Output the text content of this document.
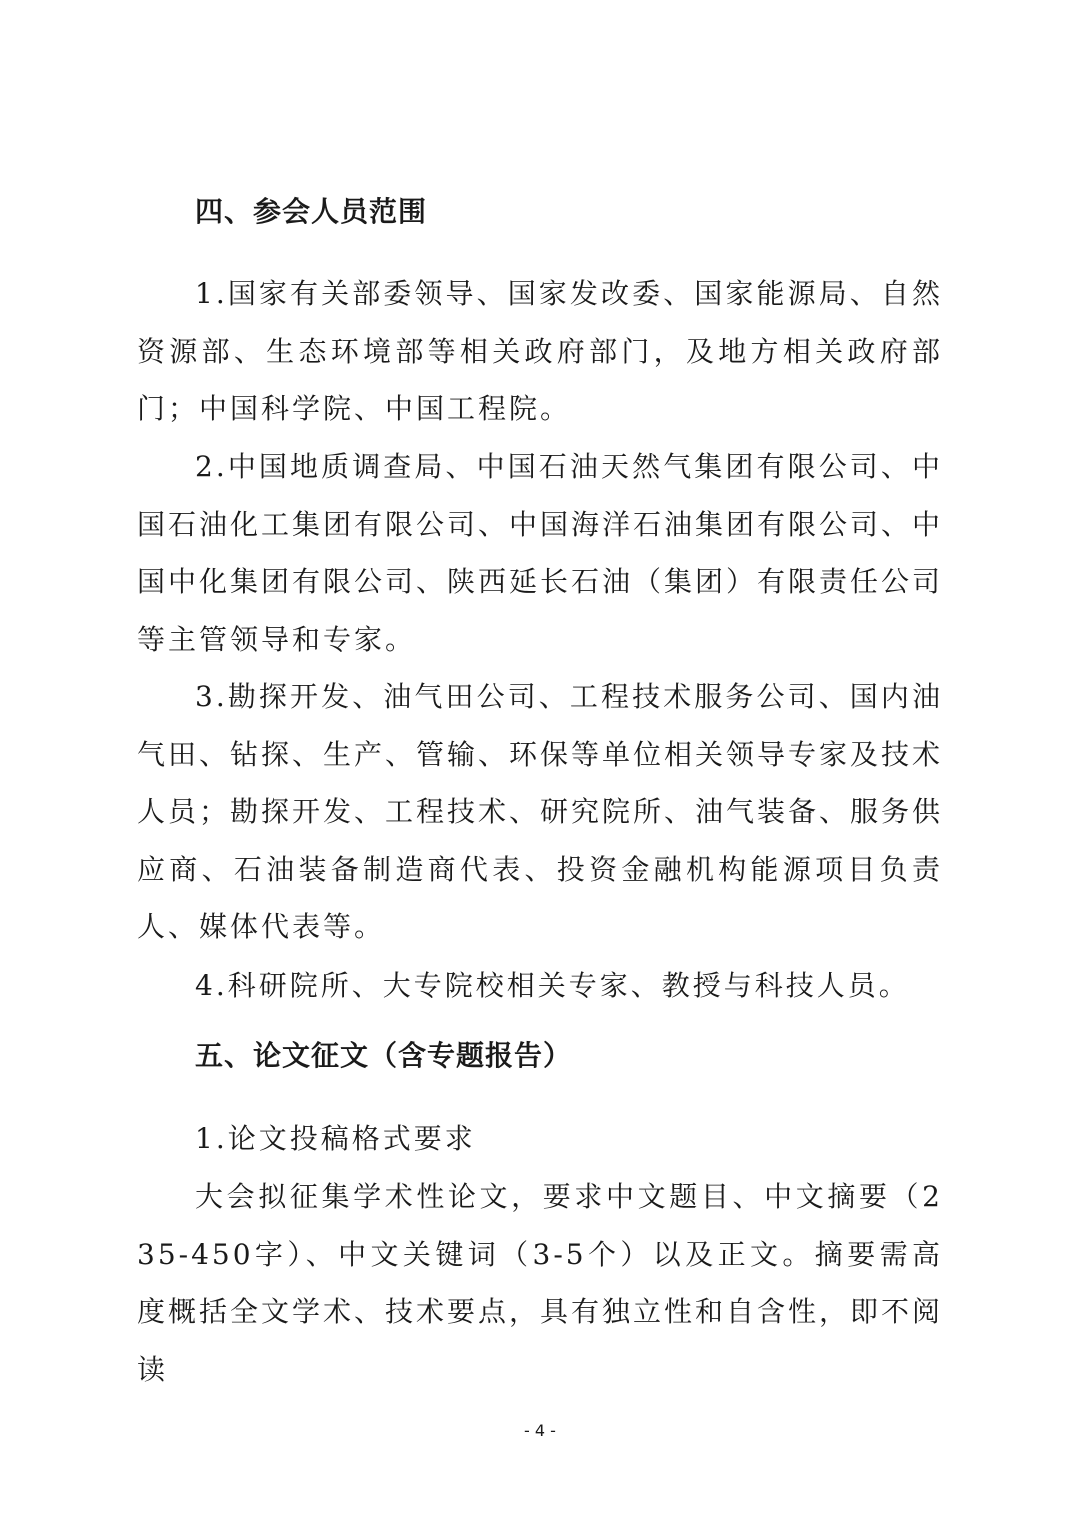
四、参会人员范围

1.国家有关部委领导、国家发改委、国家能源局、自然资源部、生态环境部等相关政府部门，及地方相关政府部门；中国科学院、中国工程院。

2.中国地质调查局、中国石油天然气集团有限公司、中国石油化工集团有限公司、中国海洋石油集团有限公司、中国中化集团有限公司、陕西延长石油（集团）有限责任公司等主管领导和专家。

3.勘探开发、油气田公司、工程技术服务公司、国内油气田、钻探、生产、管输、环保等单位相关领导专家及技术人员；勘探开发、工程技术、研究院所、油气装备、服务供应商、石油装备制造商代表、投资金融机构能源项目负责人、媒体代表等。

4.科研院所、大专院校相关专家、教授与科技人员。

五、论文征文（含专题报告）

1.论文投稿格式要求

大会拟征集学术性论文，要求中文题目、中文摘要（235-450字）、中文关键词（3-5个）以及正文。摘要需高度概括全文学术、技术要点，具有独立性和自含性，即不阅读

- 4 -
